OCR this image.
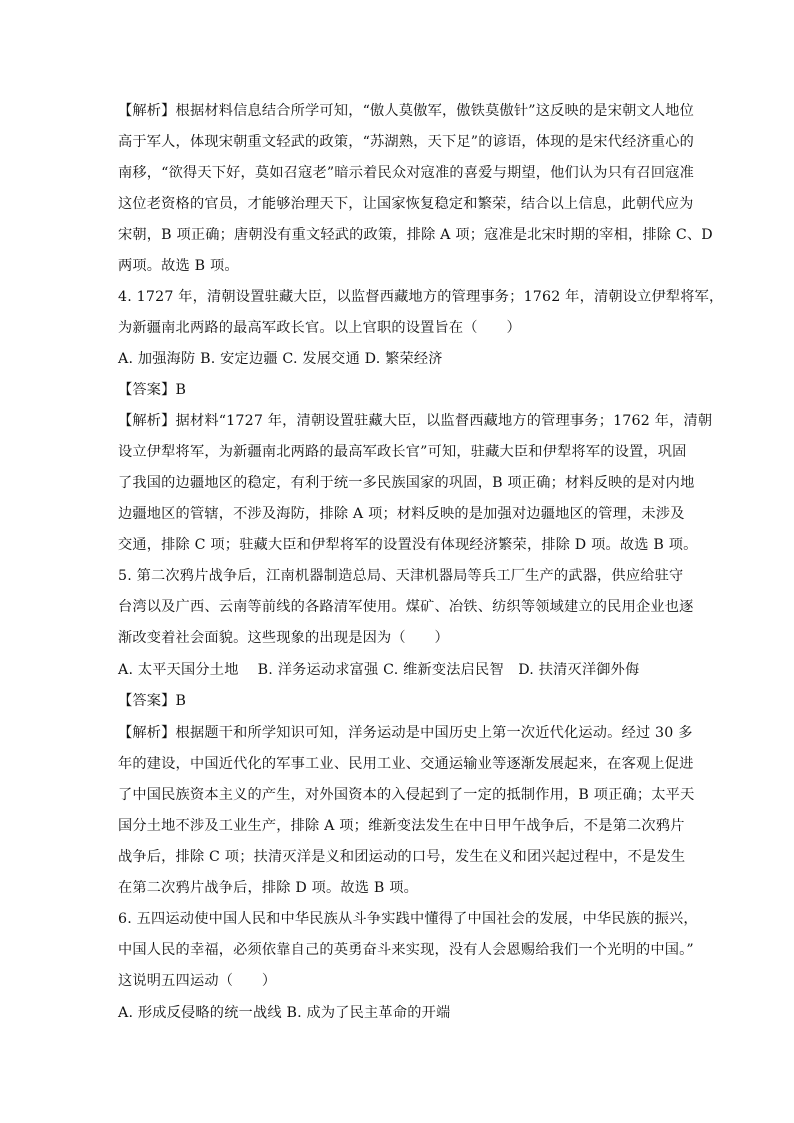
【解析】根据材料信息结合所学可知，“傲人莫傲军，傲铁莫傲针”这反映的是宋朝文人地位
高于军人，体现宋朝重文轻武的政策，“苏湖熟，天下足”的谚语，体现的是宋代经济重心的
南移，“欲得天下好，莫如召寇老”暗示着民众对寇准的喜爱与期望，他们认为只有召回寇准
这位老资格的官员，才能够治理天下，让国家恢复稳定和繁荣，结合以上信息，此朝代应为
宋朝，B 项正确；唐朝没有重文轻武的政策，排除 A 项；寇准是北宋时期的宰相，排除 C、D
两项。故选 B 项。
4. 1727 年，清朝设置驻藏大臣，以监督西藏地方的管理事务；1762 年，清朝设立伊犁将军，
为新疆南北两路的最高军政长官。以上官职的设置旨在（　　）
A. 加强海防 B. 安定边疆 C. 发展交通 D. 繁荣经济
【答案】B
【解析】据材料“1727 年，清朝设置驻藏大臣，以监督西藏地方的管理事务；1762 年，清朝
设立伊犁将军，为新疆南北两路的最高军政长官”可知，驻藏大臣和伊犁将军的设置，巩固
了我国的边疆地区的稳定，有利于统一多民族国家的巩固，B 项正确；材料反映的是对内地
边疆地区的管辖，不涉及海防，排除 A 项；材料反映的是加强对边疆地区的管理，未涉及
交通，排除 C 项；驻藏大臣和伊犁将军的设置没有体现经济繁荣，排除 D 项。故选 B 项。
5. 第二次鸦片战争后，江南机器制造总局、天津机器局等兵工厂生产的武器，供应给驻守
台湾以及广西、云南等前线的各路清军使用。煤矿、冶铁、纺织等领域建立的民用企业也逐
渐改变着社会面貌。这些现象的出现是因为（　　）
A. 太平天国分土地　 B. 洋务运动求富强 C. 维新变法启民智　D. 扶清灭洋御外侮
【答案】B
【解析】根据题干和所学知识可知，洋务运动是中国历史上第一次近代化运动。经过 30 多
年的建设，中国近代化的军事工业、民用工业、交通运输业等逐渐发展起来，在客观上促进
了中国民族资本主义的产生，对外国资本的入侵起到了一定的抵制作用，B 项正确；太平天
国分土地不涉及工业生产，排除 A 项；维新变法发生在中日甲午战争后，不是第二次鸦片
战争后，排除 C 项；扶清灭洋是义和团运动的口号，发生在义和团兴起过程中，不是发生
在第二次鸦片战争后，排除 D 项。故选 B 项。
6. 五四运动使中国人民和中华民族从斗争实践中懂得了中国社会的发展，中华民族的振兴，
中国人民的幸福，必须依靠自己的英勇奋斗来实现，没有人会恩赐给我们一个光明的中国。”
这说明五四运动（　　）
A. 形成反侵略的统一战线 B. 成为了民主革命的开端
